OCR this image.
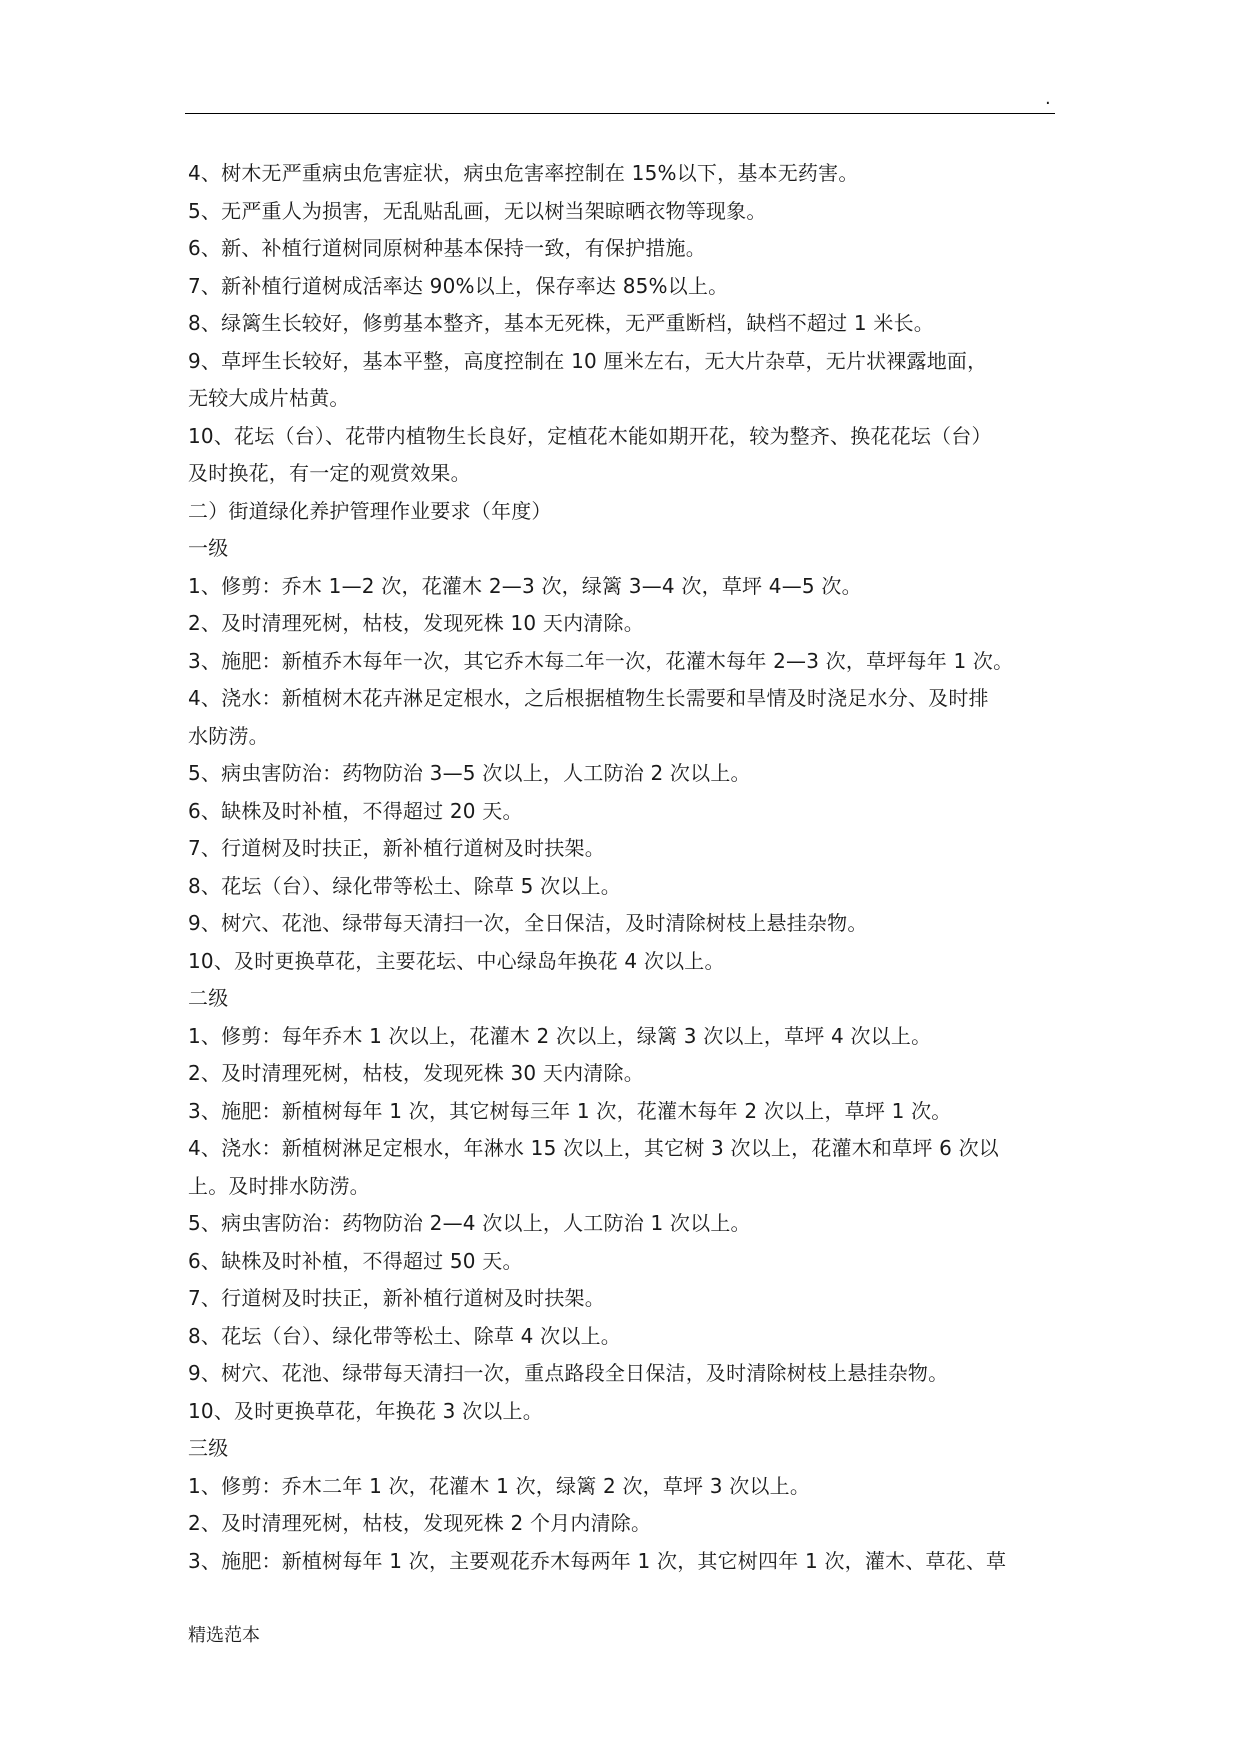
.
4、树木无严重病虫危害症状，病虫危害率控制在 15%以下，基本无药害。
5、无严重人为损害，无乱贴乱画，无以树当架晾晒衣物等现象。
6、新、补植行道树同原树种基本保持一致，有保护措施。
7、新补植行道树成活率达 90%以上，保存率达 85%以上。
8、绿篱生长较好，修剪基本整齐，基本无死株，无严重断档，缺档不超过 1 米长。
9、草坪生长较好，基本平整，高度控制在 10 厘米左右，无大片杂草，无片状裸露地面，
无较大成片枯黄。
10、花坛（台）、花带内植物生长良好，定植花木能如期开花，较为整齐、换花花坛（台）
及时换花，有一定的观赏效果。
二）街道绿化养护管理作业要求（年度）
一级
1、修剪：乔木 1—2 次，花灌木 2—3 次，绿篱 3—4 次，草坪 4—5 次。
2、及时清理死树，枯枝，发现死株 10 天内清除。
3、施肥：新植乔木每年一次，其它乔木每二年一次，花灌木每年 2—3 次，草坪每年 1 次。
4、浇水：新植树木花卉淋足定根水，之后根据植物生长需要和旱情及时浇足水分、及时排
水防涝。
5、病虫害防治：药物防治 3—5 次以上，人工防治 2 次以上。
6、缺株及时补植，不得超过 20 天。
7、行道树及时扶正，新补植行道树及时扶架。
8、花坛（台）、绿化带等松土、除草 5 次以上。
9、树穴、花池、绿带每天清扫一次，全日保洁，及时清除树枝上悬挂杂物。
10、及时更换草花，主要花坛、中心绿岛年换花 4 次以上。
二级
1、修剪：每年乔木 1 次以上，花灌木 2 次以上，绿篱 3 次以上，草坪 4 次以上。
2、及时清理死树，枯枝，发现死株 30 天内清除。
3、施肥：新植树每年 1 次，其它树每三年 1 次，花灌木每年 2 次以上，草坪 1 次。
4、浇水：新植树淋足定根水，年淋水 15 次以上，其它树 3 次以上，花灌木和草坪 6 次以
上。及时排水防涝。
5、病虫害防治：药物防治 2—4 次以上，人工防治 1 次以上。
6、缺株及时补植，不得超过 50 天。
7、行道树及时扶正，新补植行道树及时扶架。
8、花坛（台）、绿化带等松土、除草 4 次以上。
9、树穴、花池、绿带每天清扫一次，重点路段全日保洁，及时清除树枝上悬挂杂物。
10、及时更换草花，年换花 3 次以上。
三级
1、修剪：乔木二年 1 次，花灌木 1 次，绿篱 2 次，草坪 3 次以上。
2、及时清理死树，枯枝，发现死株 2 个月内清除。
3、施肥：新植树每年 1 次，主要观花乔木每两年 1 次，其它树四年 1 次，灌木、草花、草
精选范本
